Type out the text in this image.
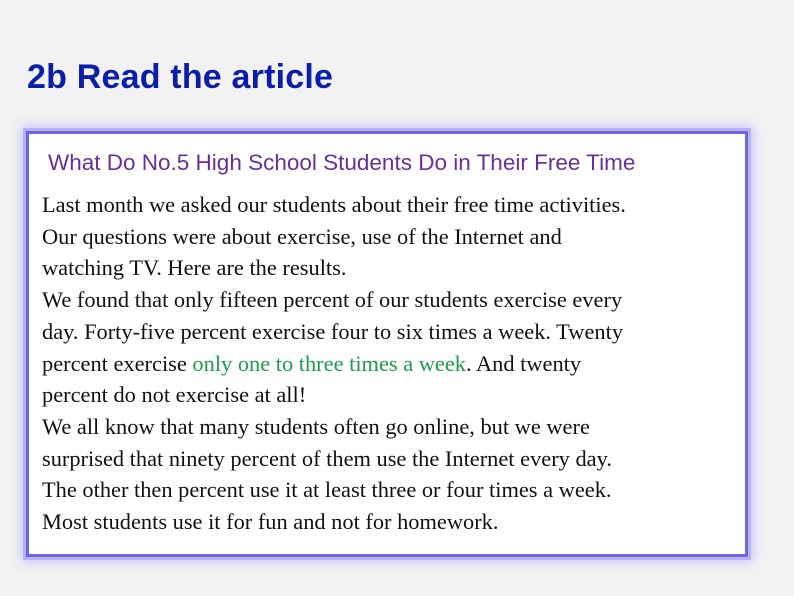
2b Read the article
What Do No.5 High School Students Do in Their Free Time
Last month we asked our students about their free time activities.
Our questions were about exercise, use of the Internet and
watching TV. Here are the results.
We found that only fifteen percent of our students exercise every
day. Forty-five percent exercise four to six times a week. Twenty
percent exercise only one to three times a week. And twenty
percent do not exercise at all!
We all know that many students often go online, but we were
surprised that ninety percent of them use the Internet every day.
The other then percent use it at least three or four times a week.
Most students use it for fun and not for homework.
